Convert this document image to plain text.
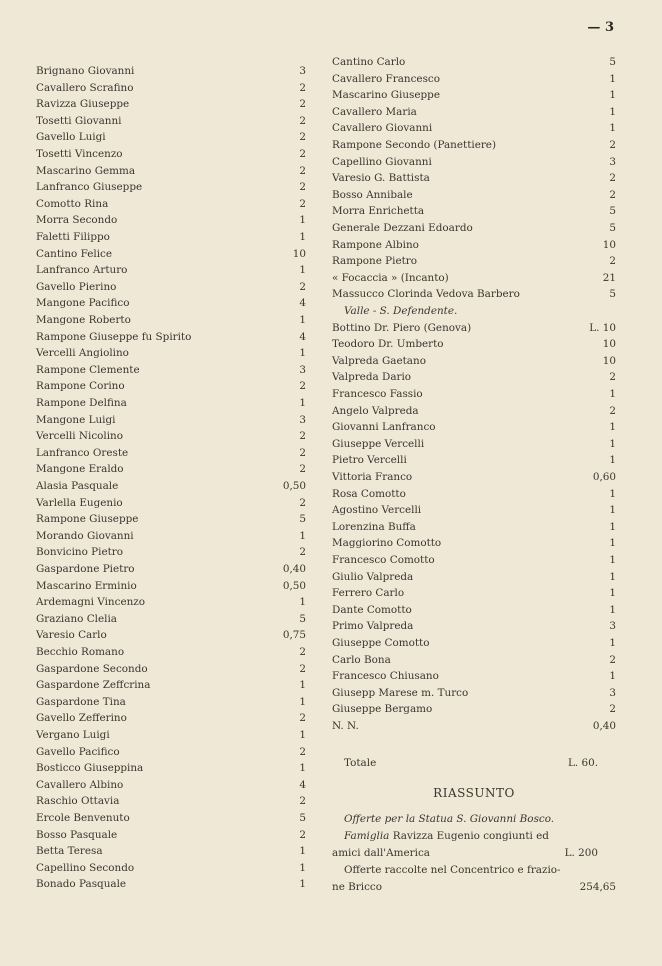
— 3
Brignano Giovanni	3
Cavallero Scrafino	2
Ravizza Giuseppe	2
Tosetti Giovanni	2
Gavello Luigi	2
Tosetti Vincenzo	2
Mascarino Gemma	2
Lanfranco Giuseppe	2
Comotto Rina	2
Morra Secondo	1
Faletti Filippo	1
Cantino Felice	10
Lanfranco Arturo	1
Gavello Pierino	2
Mangone Pacifico	4
Mangone Roberto	1
Rampone Giuseppe fu Spirito	4
Vercelli Angiolino	1
Rampone Clemente	3
Rampone Corino	2
Rampone Delfina	1
Mangone Luigi	3
Vercelli Nicolino	2
Lanfranco Oreste	2
Mangone Eraldo	2
Alasia Pasquale	0,50
Varlella Eugenio	2
Rampone Giuseppe	5
Morando Giovanni	1
Bonvicino Pietro	2
Gaspardone Pietro	0,40
Mascarino Erminio	0,50
Ardemagni Vincenzo	1
Graziano Clelia	5
Varesio Carlo	0,75
Becchio Romano	2
Gaspardone Secondo	2
Gaspardone Zeffcrina	1
Gaspardone Tina	1
Gavello Zefferino	2
Vergano Luigi	1
Gavello Pacifico	2
Bosticco Giuseppina	1
Cavallero Albino	4
Raschio Ottavia	2
Ercole Benvenuto	5
Bosso Pasquale	2
Betta Teresa	1
Capellino Secondo	1
Bonado Pasquale	1
Cantino Carlo	5
Cavallero Francesco	1
Mascarino Giuseppe	1
Cavallero Maria	1
Cavallero Giovanni	1
Rampone Secondo (Panettiere)	2
Capellino Giovanni	3
Varesio G. Battista	2
Bosso Annibale	2
Morra Enrichetta	5
Generale Dezzani Edoardo	5
Rampone Albino	10
Rampone Pietro	2
« Focaccia » (Incanto)	21
Massucco Clorinda Vedova Barbero	5
Valle - S. Defendente.
Bottino Dr. Piero (Genova)	L. 10
Teodoro Dr. Umberto	10
Valpreda Gaetano	10
Valpreda Dario	2
Francesco Fassio	1
Angelo Valpreda	2
Giovanni Lanfranco	1
Giuseppe Vercelli	1
Pietro Vercelli	1
Vittoria Franco	0,60
Rosa Comotto	1
Agostino Vercelli	1
Lorenzina Buffa	1
Maggiorino Comotto	1
Francesco Comotto	1
Giulio Valpreda	1
Ferrero Carlo	1
Dante Comotto	1
Primo Valpreda	3
Giuseppe Comotto	1
Carlo Bona	2
Francesco Chiusano	1
Giusepp Marese m. Turco	3
Giuseppe Bergamo	2
N. N.	0,40
Totale	L. 60.
RIASSUNTO
Offerte per la Statua S. Giovanni Bosco.
Famiglia Ravizza Eugenio congiunti ed
amici dall'America	L. 200
Offerte raccolte nel Concentrico e frazio-
ne Bricco	254,65
